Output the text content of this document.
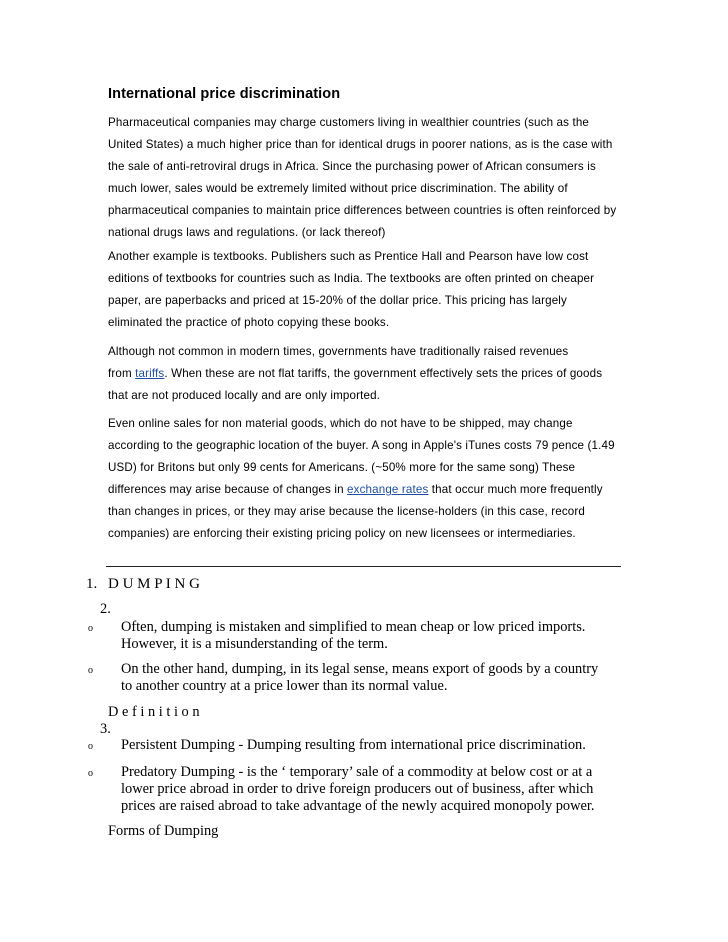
International price discrimination
Pharmaceutical companies may charge customers living in wealthier countries (such as the
United States) a much higher price than for identical drugs in poorer nations, as is the case with
the sale of anti-retroviral drugs in Africa. Since the purchasing power of African consumers is
much lower, sales would be extremely limited without price discrimination. The ability of
pharmaceutical companies to maintain price differences between countries is often reinforced by
national drugs laws and regulations. (or lack thereof)
Another example is textbooks. Publishers such as Prentice Hall and Pearson have low cost
editions of textbooks for countries such as India. The textbooks are often printed on cheaper
paper, are paperbacks and priced at 15-20% of the dollar price. This pricing has largely
eliminated the practice of photo copying these books.
Although not common in modern times, governments have traditionally raised revenues
from tariffs. When these are not flat tariffs, the government effectively sets the prices of goods
that are not produced locally and are only imported.
Even online sales for non material goods, which do not have to be shipped, may change
according to the geographic location of the buyer. A song in Apple's iTunes costs 79 pence (1.49
USD) for Britons but only 99 cents for Americans. (~50% more for the same song) These
differences may arise because of changes in exchange rates that occur much more frequently
than changes in prices, or they may arise because the license-holders (in this case, record
companies) are enforcing their existing pricing policy on new licensees or intermediaries.
1. D U M P I N G
2.
o Often, dumping is mistaken and simplified to mean cheap or low priced imports.
However, it is a misunderstanding of the term.
o On the other hand, dumping, in its legal sense, means export of goods by a country
to another country at a price lower than its normal value.
D e f i n i t i o n
3.
o Persistent Dumping - Dumping resulting from international price discrimination.
o Predatory Dumping - is the ‘ temporary’ sale of a commodity at below cost or at a
lower price abroad in order to drive foreign producers out of business, after which
prices are raised abroad to take advantage of the newly acquired monopoly power.
Forms of Dumping
